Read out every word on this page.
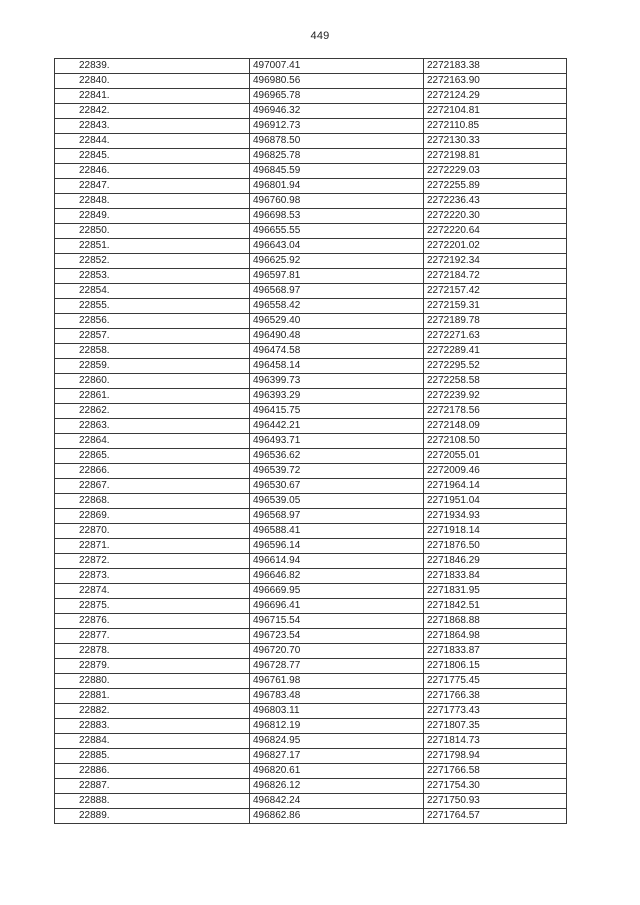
449
22839.	497007.41	2272183.38
22840.	496980.56	2272163.90
22841.	496965.78	2272124.29
22842.	496946.32	2272104.81
22843.	496912.73	2272110.85
22844.	496878.50	2272130.33
22845.	496825.78	2272198.81
22846.	496845.59	2272229.03
22847.	496801.94	2272255.89
22848.	496760.98	2272236.43
22849.	496698.53	2272220.30
22850.	496655.55	2272220.64
22851.	496643.04	2272201.02
22852.	496625.92	2272192.34
22853.	496597.81	2272184.72
22854.	496568.97	2272157.42
22855.	496558.42	2272159.31
22856.	496529.40	2272189.78
22857.	496490.48	2272271.63
22858.	496474.58	2272289.41
22859.	496458.14	2272295.52
22860.	496399.73	2272258.58
22861.	496393.29	2272239.92
22862.	496415.75	2272178.56
22863.	496442.21	2272148.09
22864.	496493.71	2272108.50
22865.	496536.62	2272055.01
22866.	496539.72	2272009.46
22867.	496530.67	2271964.14
22868.	496539.05	2271951.04
22869.	496568.97	2271934.93
22870.	496588.41	2271918.14
22871.	496596.14	2271876.50
22872.	496614.94	2271846.29
22873.	496646.82	2271833.84
22874.	496669.95	2271831.95
22875.	496696.41	2271842.51
22876.	496715.54	2271868.88
22877.	496723.54	2271864.98
22878.	496720.70	2271833.87
22879.	496728.77	2271806.15
22880.	496761.98	2271775.45
22881.	496783.48	2271766.38
22882.	496803.11	2271773.43
22883.	496812.19	2271807.35
22884.	496824.95	2271814.73
22885.	496827.17	2271798.94
22886.	496820.61	2271766.58
22887.	496826.12	2271754.30
22888.	496842.24	2271750.93
22889.	496862.86	2271764.57
